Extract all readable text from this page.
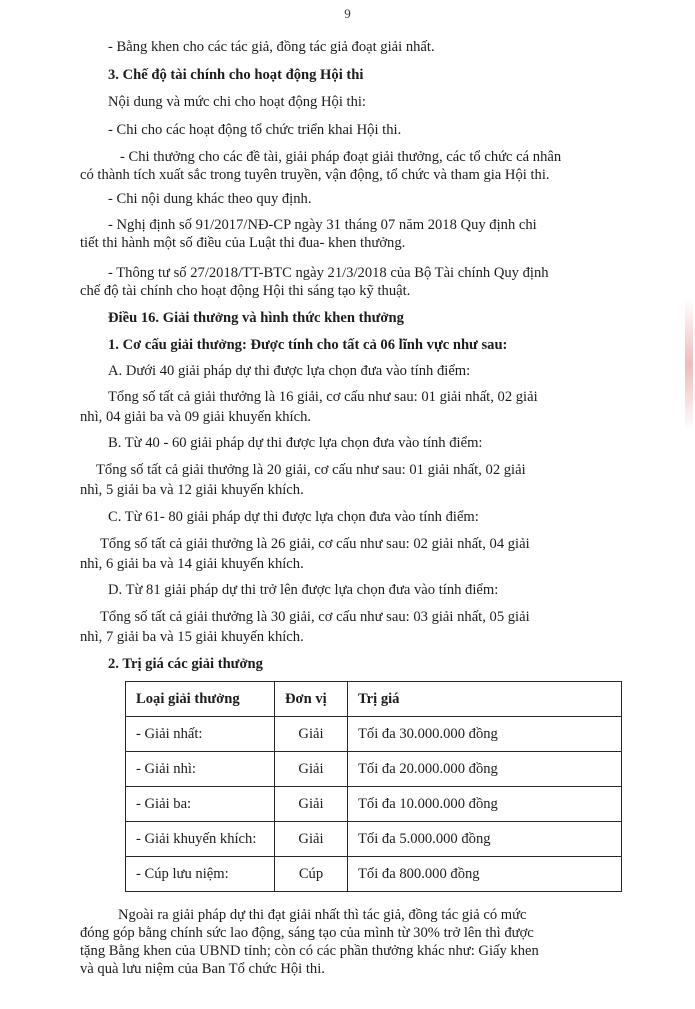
9
- Bằng khen cho các tác giả, đồng tác giả đoạt giải nhất.
3. Chế độ tài chính cho hoạt động Hội thi
Nội dung và mức chi cho hoạt động Hội thi:
- Chi cho các hoạt động tổ chức triển khai Hội thi.
- Chi thưởng cho các đề tài, giải pháp đoạt giải thưởng, các tổ chức cá nhân
có thành tích xuất sắc trong tuyên truyền, vận động, tổ chức và tham gia Hội thi.
- Chi nội dung khác theo quy định.
- Nghị định số 91/2017/NĐ-CP ngày 31 tháng 07 năm 2018 Quy định chi
tiết thi hành một số điều của Luật thi đua- khen thưởng.
- Thông tư số 27/2018/TT-BTC ngày 21/3/2018 của Bộ Tài chính Quy định
chế độ tài chính cho hoạt động Hội thi sáng tạo kỹ thuật.
Điều 16. Giải thưởng và hình thức khen thưởng
1. Cơ cấu giải thưởng: Được tính cho tất cả 06 lĩnh vực như sau:
A. Dưới 40 giải pháp dự thi được lựa chọn đưa vào tính điểm:
Tổng số tất cả giải thưởng là 16 giải, cơ cấu như sau: 01 giải nhất, 02 giải
nhì, 04 giải ba và 09 giải khuyến khích.
B. Từ 40 - 60 giải pháp dự thi được lựa chọn đưa vào tính điểm:
Tổng số tất cả giải thưởng là 20 giải, cơ cấu như sau: 01 giải nhất, 02 giải
nhì, 5 giải ba và 12 giải khuyến khích.
C. Từ 61- 80 giải pháp dự thi được lựa chọn đưa vào tính điểm:
Tổng số tất cả giải thưởng là 26 giải, cơ cấu như sau: 02 giải nhất, 04 giải
nhì, 6 giải ba và 14 giải khuyến khích.
D. Từ 81 giải pháp dự thi trở lên được lựa chọn đưa vào tính điểm:
Tổng số tất cả giải thưởng là 30 giải, cơ cấu như sau: 03 giải nhất, 05 giải
nhì, 7 giải ba và 15 giải khuyến khích.
2. Trị giá các giải thưởng
Loại giải thưởng	Đơn vị	Trị giá
- Giải nhất:	Giải	Tối đa 30.000.000 đồng
- Giải nhì:	Giải	Tối đa 20.000.000 đồng
- Giải ba:	Giải	Tối đa 10.000.000 đồng
- Giải khuyến khích:	Giải	Tối đa 5.000.000 đồng
- Cúp lưu niệm:	Cúp	Tối đa 800.000 đồng
Ngoài ra giải pháp dự thi đạt giải nhất thì tác giả, đồng tác giả có mức
đóng góp bằng chính sức lao động, sáng tạo của mình từ 30% trở lên thì được
tặng Bằng khen của UBND tỉnh; còn có các phần thưởng khác như: Giấy khen
và quà lưu niệm của Ban Tổ chức Hội thi.
